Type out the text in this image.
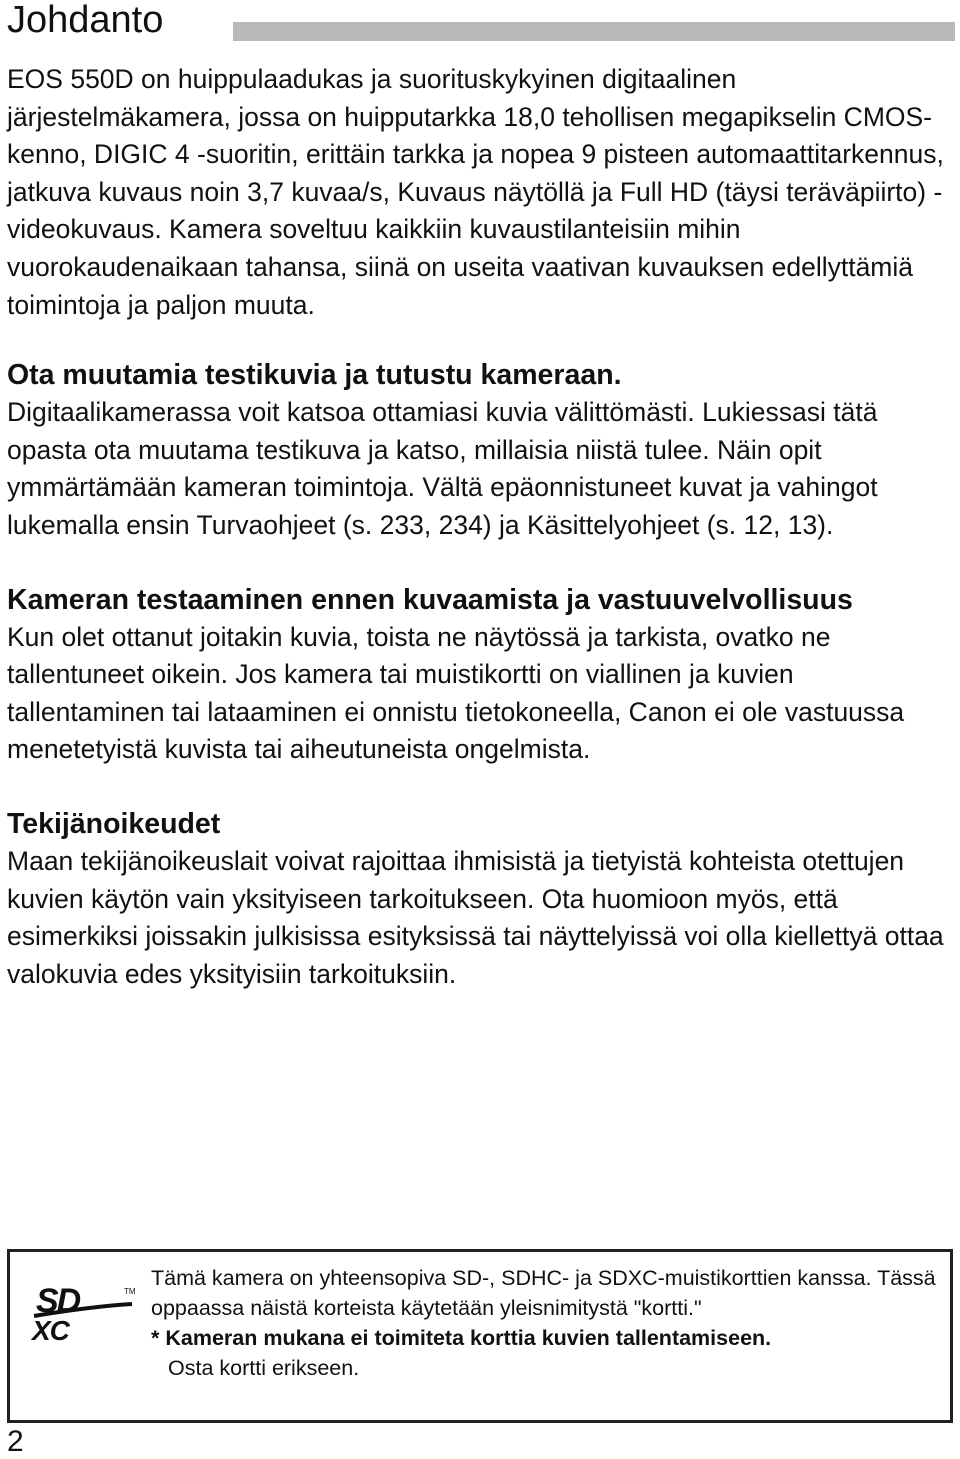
Johdanto

EOS 550D on huippulaadukas ja suorituskykyinen digitaalinen järjestelmäkamera, jossa on huipputarkka 18,0 tehollisen megapikselin CMOS-kenno, DIGIC 4 -suoritin, erittäin tarkka ja nopea 9 pisteen automaattitarkennus, jatkuva kuvaus noin 3,7 kuvaa/s, Kuvaus näytöllä ja Full HD (täysi teräväpiirto) -videokuvaus. Kamera soveltuu kaikkiin kuvaustilanteisiin mihin vuorokaudenaikaan tahansa, siinä on useita vaativan kuvauksen edellyttämiä toimintoja ja paljon muuta.

Ota muutamia testikuvia ja tutustu kameraan.

Digitaalikamerassa voit katsoa ottamiasi kuvia välittömästi. Lukiessasi tätä opasta ota muutama testikuva ja katso, millaisia niistä tulee. Näin opit ymmärtämään kameran toimintoja. Vältä epäonnistuneet kuvat ja vahingot lukemalla ensin Turvaohjeet (s. 233, 234) ja Käsittelyohjeet (s. 12, 13).

Kameran testaaminen ennen kuvaamista ja vastuuvelvollisuus

Kun olet ottanut joitakin kuvia, toista ne näytössä ja tarkista, ovatko ne tallentuneet oikein. Jos kamera tai muistikortti on viallinen ja kuvien tallentaminen tai lataaminen ei onnistu tietokoneella, Canon ei ole vastuussa menetetyistä kuvista tai aiheutuneista ongelmista.

Tekijänoikeudet

Maan tekijänoikeuslait voivat rajoittaa ihmisistä ja tietyistä kohteista otettujen kuvien käytön vain yksityiseen tarkoitukseen. Ota huomioon myös, että esimerkiksi joissakin julkisissa esityksissä tai näyttelyissä voi olla kiellettyä ottaa valokuvia edes yksityisiin tarkoituksiin.

SD
XC
TM
Tämä kamera on yhteensopiva SD-, SDHC- ja SDXC-muistikorttien kanssa. Tässä oppaassa näistä korteista käytetään yleisnimitystä "kortti."
* Kameran mukana ei toimiteta korttia kuvien tallentamiseen.
Osta kortti erikseen.
2
